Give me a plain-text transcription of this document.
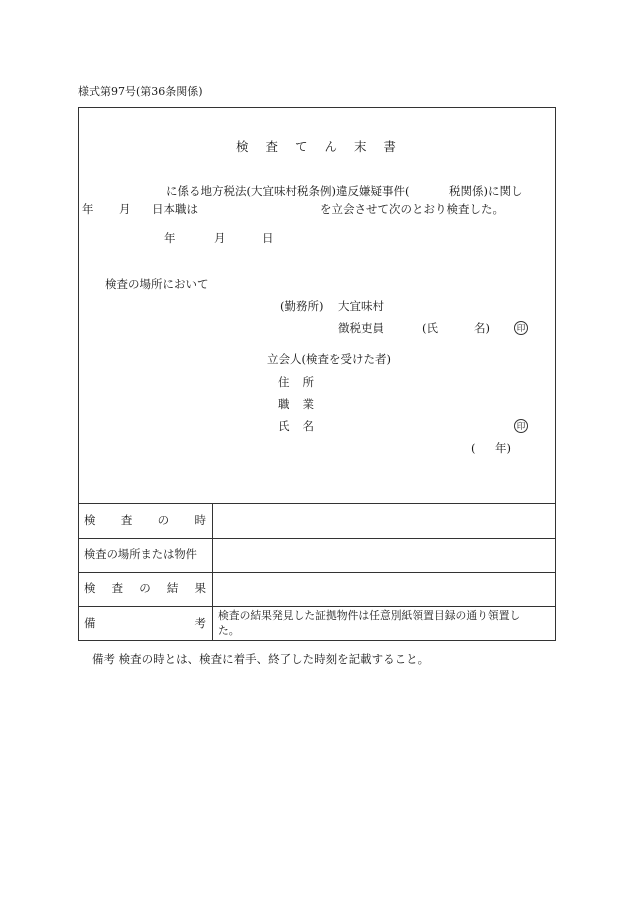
様式第97号(第36条関係)
検 査 て ん 末 書
に係る地方税法(大宜味村税条例)違反嫌疑事件(	税関係)に関し
年 月 日本職は	を立会させて次のとおり検査した。
年	月	日
検査の場所において
(勤務所) 大宜味村
徴税吏員	(氏	名)	印
立会人(検査を受けた者)
住 所
職 業
氏 名	印
( 年)
検 査 の 時
検査の場所または物件
検 査 の 結 果
備	考
検査の結果発見した証拠物件は任意別紙領置目録の通り領置し
た。
備考 検査の時とは、検査に着手、終了した時刻を記載すること。
